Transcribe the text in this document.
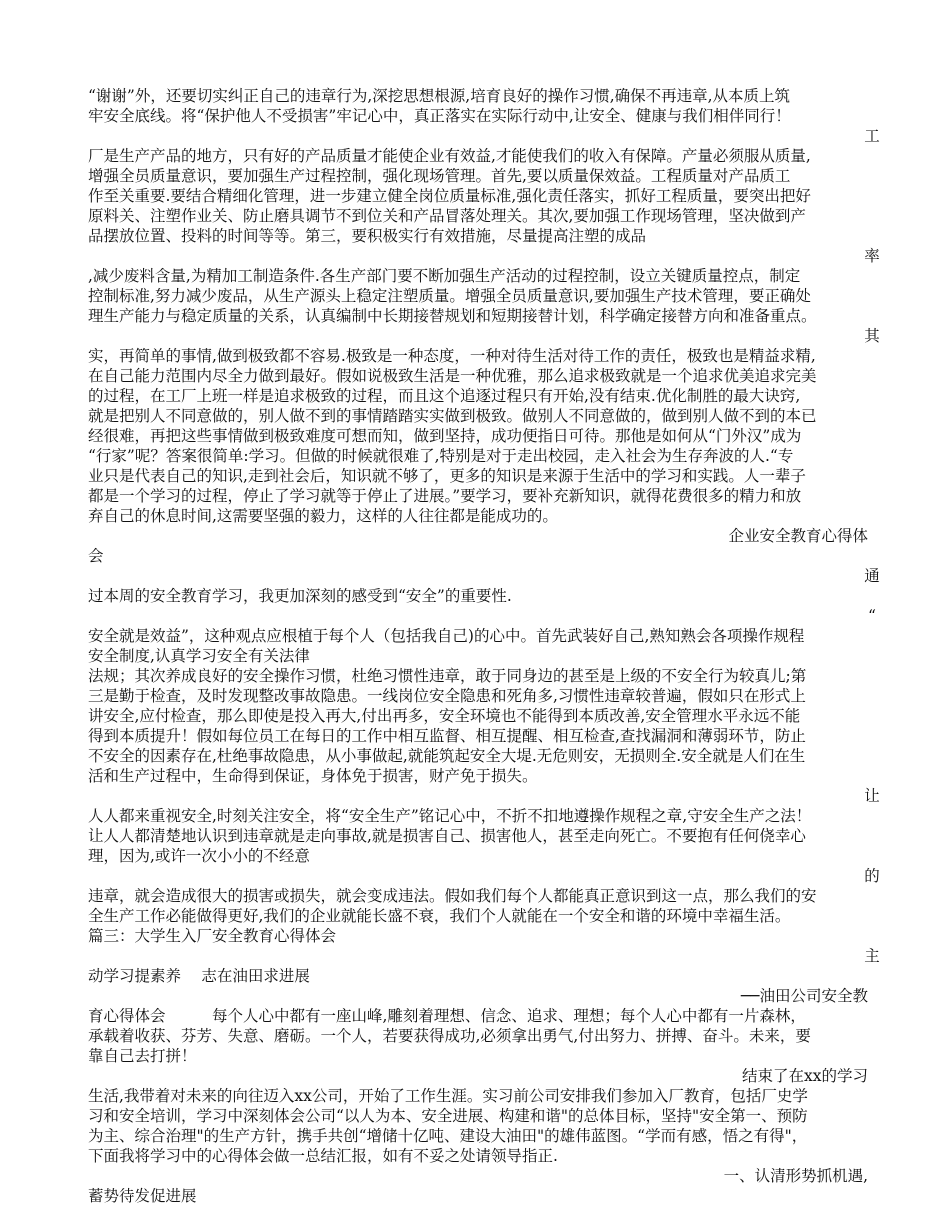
“谢谢”外，还要切实纠正自己的违章行为,深挖思想根源,培育良好的操作习惯,确保不再违章,从本质上筑
牢安全底线。将“保护他人不受损害”牢记心中，真正落实在实际行动中,让安全、健康与我们相伴同行！
工
厂是生产产品的地方，只有好的产品质量才能使企业有效益,才能使我们的收入有保障。产量必须服从质量,
增强全员质量意识，要加强生产过程控制，强化现场管理。首先,要以质量保效益。工程质量对产品质工
作至关重要.要结合精细化管理，进一步建立健全岗位质量标准,强化责任落实，抓好工程质量，要突出把好
原料关、注塑作业关、防止磨具调节不到位关和产品冒落处理关。其次,要加强工作现场管理，坚决做到产
品摆放位置、投料的时间等等。第三，要积极实行有效措施，尽量提高注塑的成品
率
,减少废料含量,为精加工制造条件.各生产部门要不断加强生产活动的过程控制，设立关键质量控点，制定
控制标准,努力减少废品，从生产源头上稳定注塑质量。增强全员质量意识,要加强生产技术管理，要正确处
理生产能力与稳定质量的关系，认真编制中长期接替规划和短期接替计划，科学确定接替方向和准备重点。
其
实，再简单的事情,做到极致都不容易.极致是一种态度，一种对待生活对待工作的责任，极致也是精益求精,
在自己能力范围内尽全力做到最好。假如说极致生活是一种优雅，那么追求极致就是一个追求优美追求完美
的过程，在工厂上班一样是追求极致的过程，而且这个追逐过程只有开始,没有结束.优化制胜的最大诀窍,
就是把别人不同意做的，别人做不到的事情踏踏实实做到极致。做别人不同意做的，做到别人做不到的本已
经很难，再把这些事情做到极致难度可想而知，做到坚持，成功便指日可待。那他是如何从“门外汉”成为
“行家”呢？答案很简单:学习。但做的时候就很难了,特别是对于走出校园，走入社会为生存奔波的人.“专
业只是代表自己的知识,走到社会后，知识就不够了，更多的知识是来源于生活中的学习和实践。人一辈子
都是一个学习的过程，停止了学习就等于停止了进展。”要学习，要补充新知识，就得花费很多的精力和放
弃自己的休息时间,这需要坚强的毅力，这样的人往往都是能成功的。
企业安全教育心得体
会
通
过本周的安全教育学习，我更加深刻的感受到“安全”的重要性.
“
安全就是效益”，这种观点应根植于每个人（包括我自己)的心中。首先武装好自己,熟知熟会各项操作规程
安全制度,认真学习安全有关法律
法规；其次养成良好的安全操作习惯，杜绝习惯性违章，敢于同身边的甚至是上级的不安全行为较真儿;第
三是勤于检查，及时发现整改事故隐患。一线岗位安全隐患和死角多,习惯性违章较普遍，假如只在形式上
讲安全,应付检查，那么即使是投入再大,付出再多，安全环境也不能得到本质改善,安全管理水平永远不能
得到本质提升！假如每位员工在每日的工作中相互监督、相互提醒、相互检查,查找漏洞和薄弱环节，防止
不安全的因素存在,杜绝事故隐患，从小事做起,就能筑起安全大堤.无危则安，无损则全.安全就是人们在生
活和生产过程中，生命得到保证，身体免于损害，财产免于损失。
让
人人都来重视安全,时刻关注安全，将“安全生产”铭记心中，不折不扣地遵操作规程之章,守安全生产之法！
让人人都清楚地认识到违章就是走向事故,就是损害自己、损害他人，甚至走向死亡。不要抱有任何侥幸心
理，因为,或许一次小小的不经意
的
违章，就会造成很大的损害或损失，就会变成违法。假如我们每个人都能真正意识到这一点，那么我们的安
全生产工作必能做得更好,我们的企业就能长盛不衰，我们个人就能在一个安全和谐的环境中幸福生活。
篇三：大学生入厂安全教育心得体会
主
动学习提素养　 志在油田求进展
──油田公司安全教
育心得体会　　　每个人心中都有一座山峰,雕刻着理想、信念、追求、理想；每个人心中都有一片森林，
承载着收获、芬芳、失意、磨砺。一个人，若要获得成功,必须拿出勇气,付出努力、拼搏、奋斗。未来，要
靠自己去打拼！
结束了在xx的学习
生活,我带着对未来的向往迈入xx公司，开始了工作生涯。实习前公司安排我们参加入厂教育，包括厂史学
习和安全培训，学习中深刻体会公司“以人为本、安全进展、构建和谐"的总体目标，坚持"安全第一、预防
为主、综合治理"的生产方针，携手共创“增储十亿吨、建设大油田"的雄伟蓝图。“学而有感，悟之有得"，
下面我将学习中的心得体会做一总结汇报，如有不妥之处请领导指正.
一、认清形势抓机遇,
蓄势待发促进展
